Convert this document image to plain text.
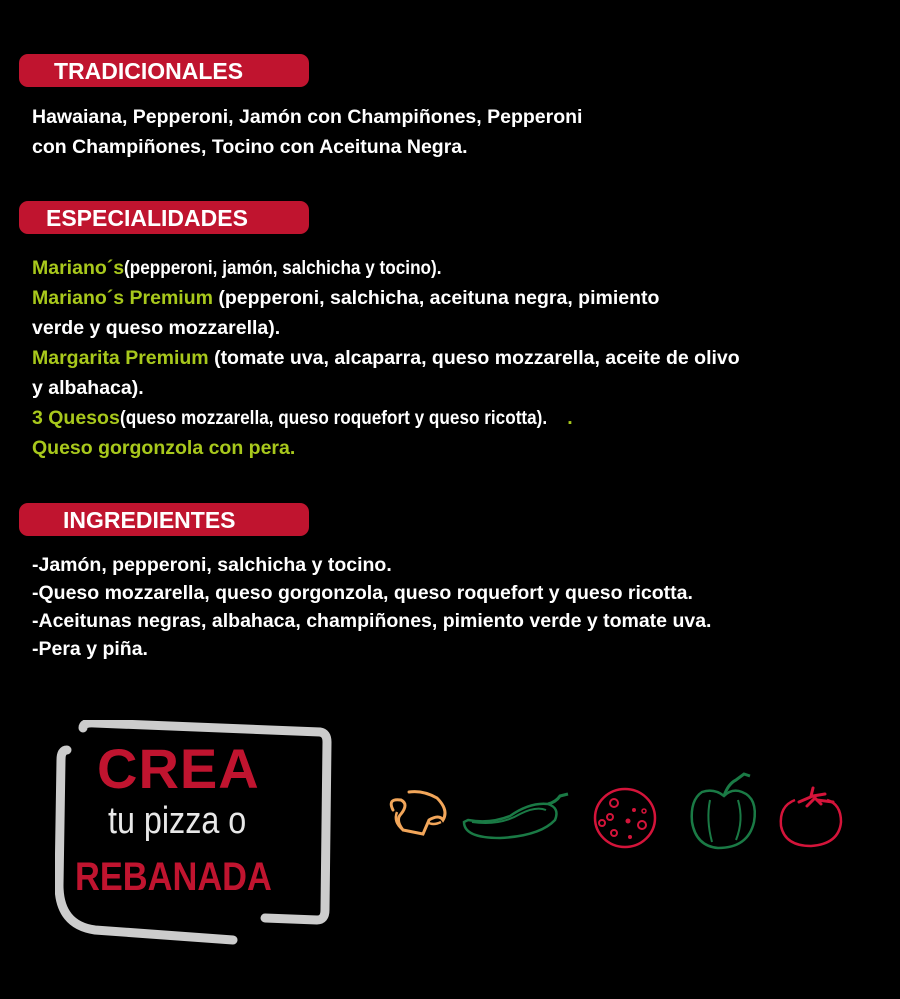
TRADICIONALES
Hawaiana, Pepperoni, Jamón con Champiñones, Pepperoni
con Champiñones, Tocino con Aceituna Negra.
ESPECIALIDADES
Mariano´s(pepperoni, jamón, salchicha y tocino).
Mariano´s Premium (pepperoni, salchicha, aceituna negra, pimiento
verde y queso mozzarella).
Margarita Premium (tomate uva, alcaparra, queso mozzarella, aceite de olivo
y albahaca).
3 Quesos(queso mozzarella, queso roquefort y queso ricotta). .
Queso gorgonzola con pera.
INGREDIENTES
-Jamón, pepperoni, salchicha y tocino.
-Queso mozzarella, queso gorgonzola, queso roquefort y queso ricotta.
-Aceitunas negras, albahaca, champiñones, pimiento verde y tomate uva.
-Pera y piña.
CREA
tu pizza o
REBANADA
